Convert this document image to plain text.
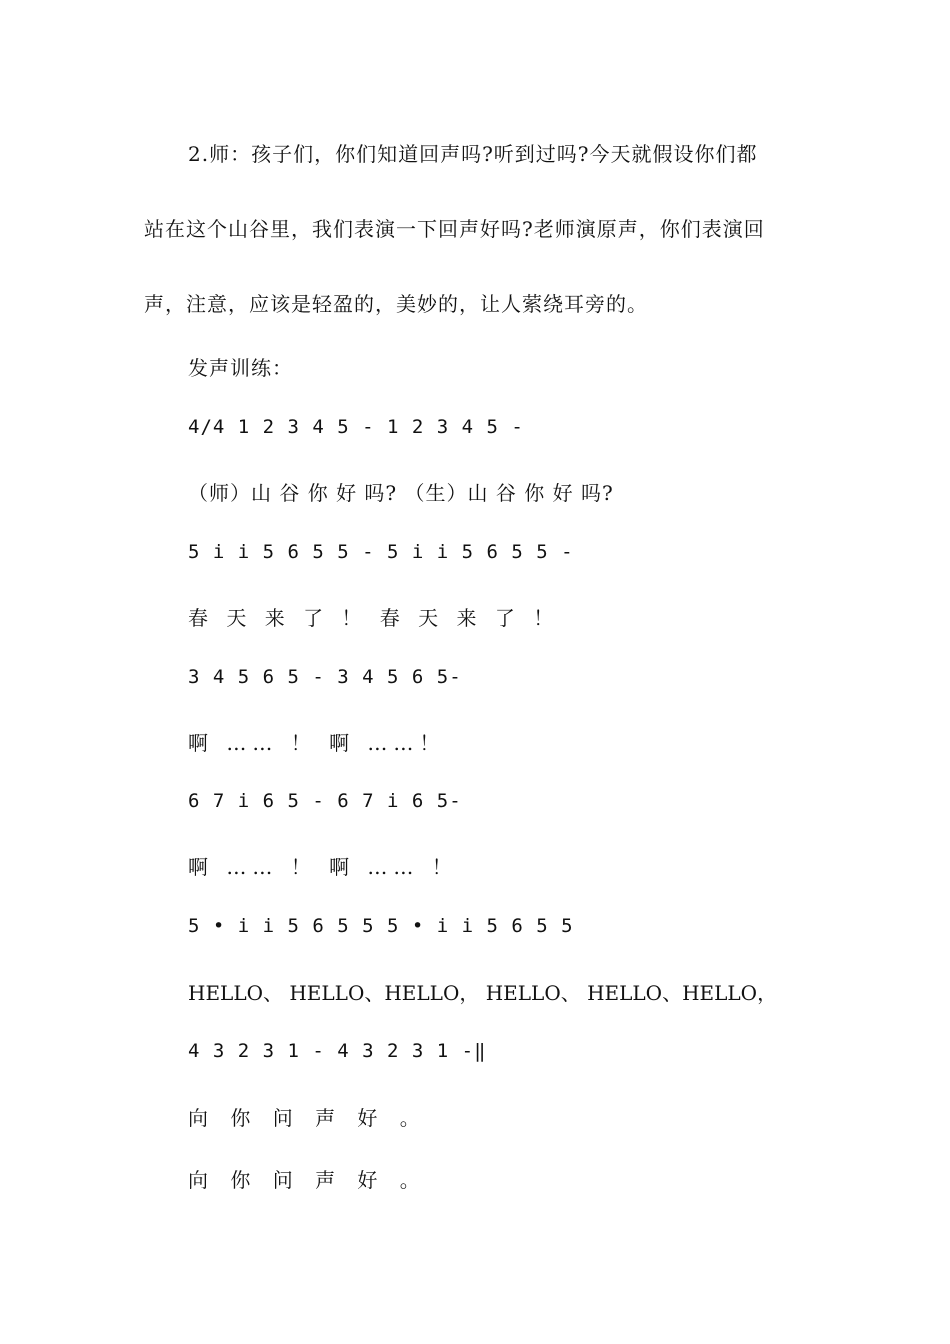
2.师：孩子们，你们知道回声吗?听到过吗?今天就假设你们都
站在这个山谷里，我们表演一下回声好吗?老师演原声，你们表演回
声，注意，应该是轻盈的，美妙的，让人萦绕耳旁的。
发声训练：
4/4 1 2 3 4 5 - 1 2 3 4 5 -
（师）山 谷 你 好 吗? （生）山 谷 你 好 吗?
5 i i 5 6 5 5 - 5 i i 5 6 5 5 -
春 天 来 了 ！ 春 天 来 了 ！
3 4 5 6 5 - 3 4 5 6 5-
啊 …… ！ 啊 ……！
6 7 i 6 5 - 6 7 i 6 5-
啊 …… ！ 啊 …… ！
5 • i i 5 6 5 5 5 • i i 5 6 5 5
HELLO、 HELLO、HELLO， HELLO、 HELLO、HELLO，
4 3 2 3 1 - 4 3 2 3 1 -‖
向 你 问 声 好 。
向 你 问 声 好 。
